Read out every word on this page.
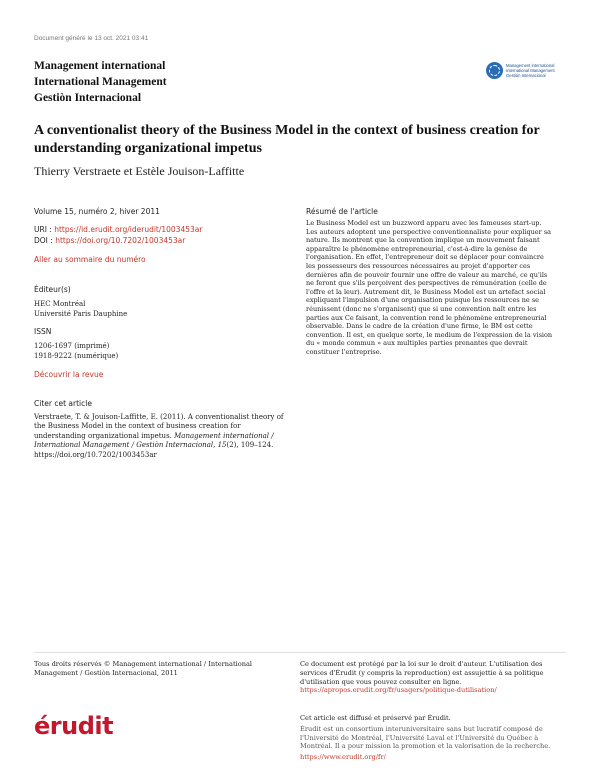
Document généré le 13 oct. 2021 03:41
Management international
International Management
Gestiòn Internacional
Management international
International Management
Gestión Internacional
A conventionalist theory of the Business Model in the context of business creation for understanding organizational impetus
Thierry Verstraete et Estèle Jouison-Laffitte
Volume 15, numéro 2, hiver 2011
URI : https://id.erudit.org/iderudit/1003453ar
DOI : https://doi.org/10.7202/1003453ar
Aller au sommaire du numéro
Éditeur(s)
HEC Montréal
Université Paris Dauphine
ISSN
1206-1697 (imprimé)
1918-9222 (numérique)
Découvrir la revue
Citer cet article
Verstraete, T. & Jouison-Laffitte, E. (2011). A conventionalist theory of the Business Model in the context of business creation for understanding organizational impetus. Management international / International Management / Gestiòn Internacional, 15(2), 109–124. https://doi.org/10.7202/1003453ar
Résumé de l'article
Le Business Model est un buzzword apparu avec les fameuses start-up. Les auteurs adoptent une perspective conventionnaliste pour expliquer sa nature. Ils montrent que la convention implique un mouvement faisant apparaître le phénomène entrepreneurial, c'est-à-dire la genèse de l'organisation. En effet, l'entrepreneur doit se déplacer pour convaincre les possesseurs des ressources nécessaires au projet d'apporter ces dernières afin de pouvoir fournir une offre de valeur au marché, ce qu'ils ne feront que s'ils perçoivent des perspectives de rémunération (celle de l'offre et la leur). Autrement dit, le Business Model est un artefact social expliquant l'impulsion d'une organisation puisque les ressources ne se réunissent (donc ne s'organisent) que si une convention naît entre les parties aux Ce faisant, la convention rend le phénomène entrepreneurial observable. Dans le cadre de la création d'une firme, le BM est cette convention. Il est, en quelque sorte, le medium de l'expression de la vision du « monde commun » aux multiples parties prenantes que devrait constituer l'entreprise.
Tous droits réservés © Management international / International Management / Gestiòn Internacional, 2011
Ce document est protégé par la loi sur le droit d'auteur. L'utilisation des services d'Érudit (y compris la reproduction) est assujettie à sa politique d'utilisation que vous pouvez consulter en ligne.
https://apropos.erudit.org/fr/usagers/politique-dutilisation/
érudit	Cet article est diffusé et préservé par Érudit.
Érudit est un consortium interuniversitaire sans but lucratif composé de l'Université de Montréal, l'Université Laval et l'Université du Québec à Montréal. Il a pour mission la promotion et la valorisation de la recherche.
https://www.erudit.org/fr/
